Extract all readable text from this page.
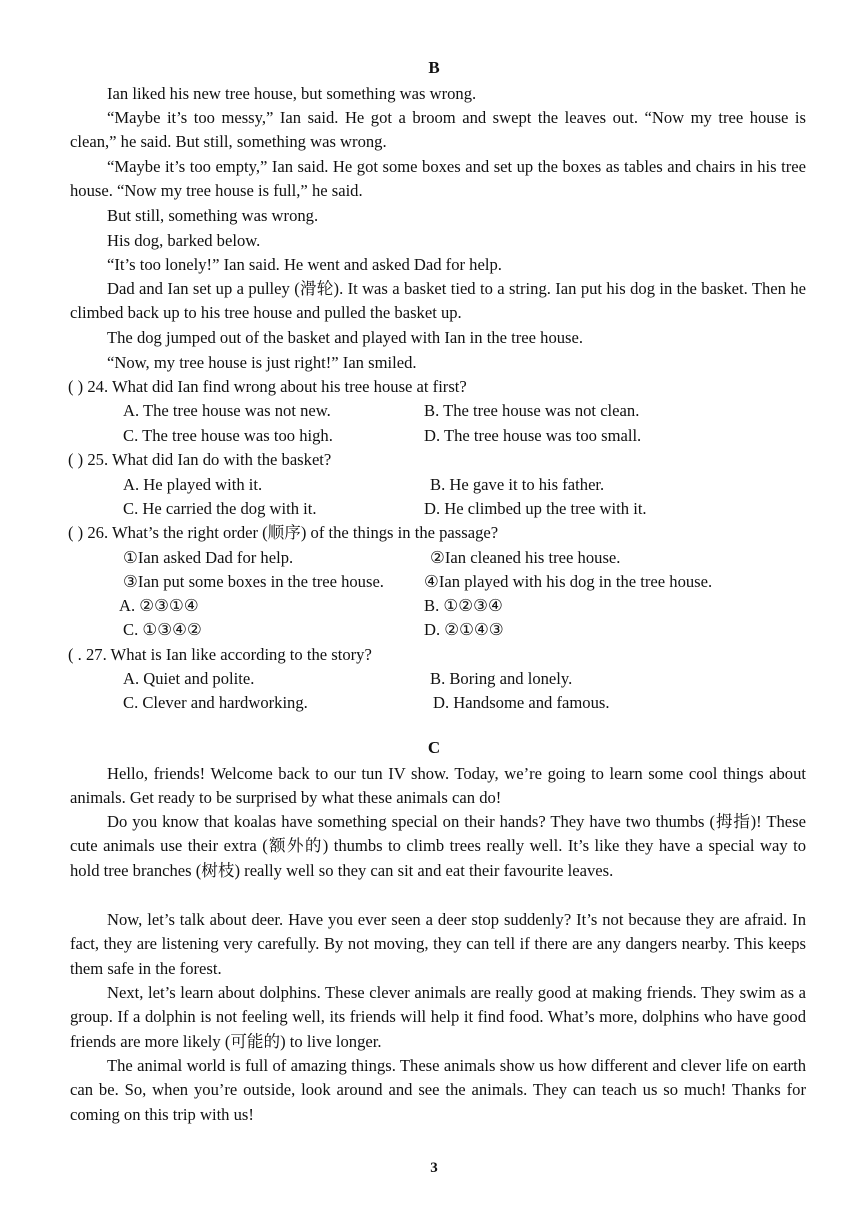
B

Ian liked his new tree house, but something was wrong.

“Maybe it’s too messy,” Ian said. He got a broom and swept the leaves out. “Now my tree house is clean,” he said. But still, something was wrong.

“Maybe it’s too empty,” Ian said. He got some boxes and set up the boxes as tables and chairs in his tree house. “Now my tree house is full,” he said.

But still, something was wrong.

His dog, barked below.

“It’s too lonely!” Ian said. He went and asked Dad for help.

Dad and Ian set up a pulley (滑轮). It was a basket tied to a string. Ian put his dog in the basket. Then he climbed back up to his tree house and pulled the basket up.

The dog jumped out of the basket and played with Ian in the tree house.

“Now, my tree house is just right!” Ian smiled.

( ) 24. What did Ian find wrong about his tree house at first?
A. The tree house was not new.	B. The tree house was not clean.
C. The tree house was too high.	D. The tree house was too small.
( ) 25. What did Ian do with the basket?
A. He played with it.	B. He gave it to his father.
C. He carried the dog with it.	D. He climbed up the tree with it.
( ) 26. What’s the right order (顺序) of the things in the passage?
①Ian asked Dad for help.	②Ian cleaned his tree house.
③Ian put some boxes in the tree house. ④Ian played with his dog in the tree house.
A. ②③①④	B. ①②③④
C. ①③④②	D. ②①④③
( . 27. What is Ian like according to the story?
A. Quiet and polite.	B. Boring and lonely.
C. Clever and hardworking.	D. Handsome and famous.
C

Hello, friends! Welcome back to our tun IV show. Today, we’re going to learn some cool things about animals. Get ready to be surprised by what these animals can do!

Do you know that koalas have something special on their hands? They have two thumbs (拇指)! These cute animals use their extra (额外的) thumbs to climb trees really well. It’s like they have a special way to hold tree branches (树枝) really well so they can sit and eat their favourite leaves.

Now, let’s talk about deer. Have you ever seen a deer stop suddenly? It’s not because they are afraid. In fact, they are listening very carefully. By not moving, they can tell if there are any dangers nearby. This keeps them safe in the forest.

Next, let’s learn about dolphins. These clever animals are really good at making friends. They swim as a group. If a dolphin is not feeling well, its friends will help it find food. What’s more, dolphins who have good friends are more likely (可能的) to live longer.

The animal world is full of amazing things. These animals show us how different and clever life on earth can be. So, when you’re outside, look around and see the animals. They can teach us so much! Thanks for coming on this trip with us!

3
